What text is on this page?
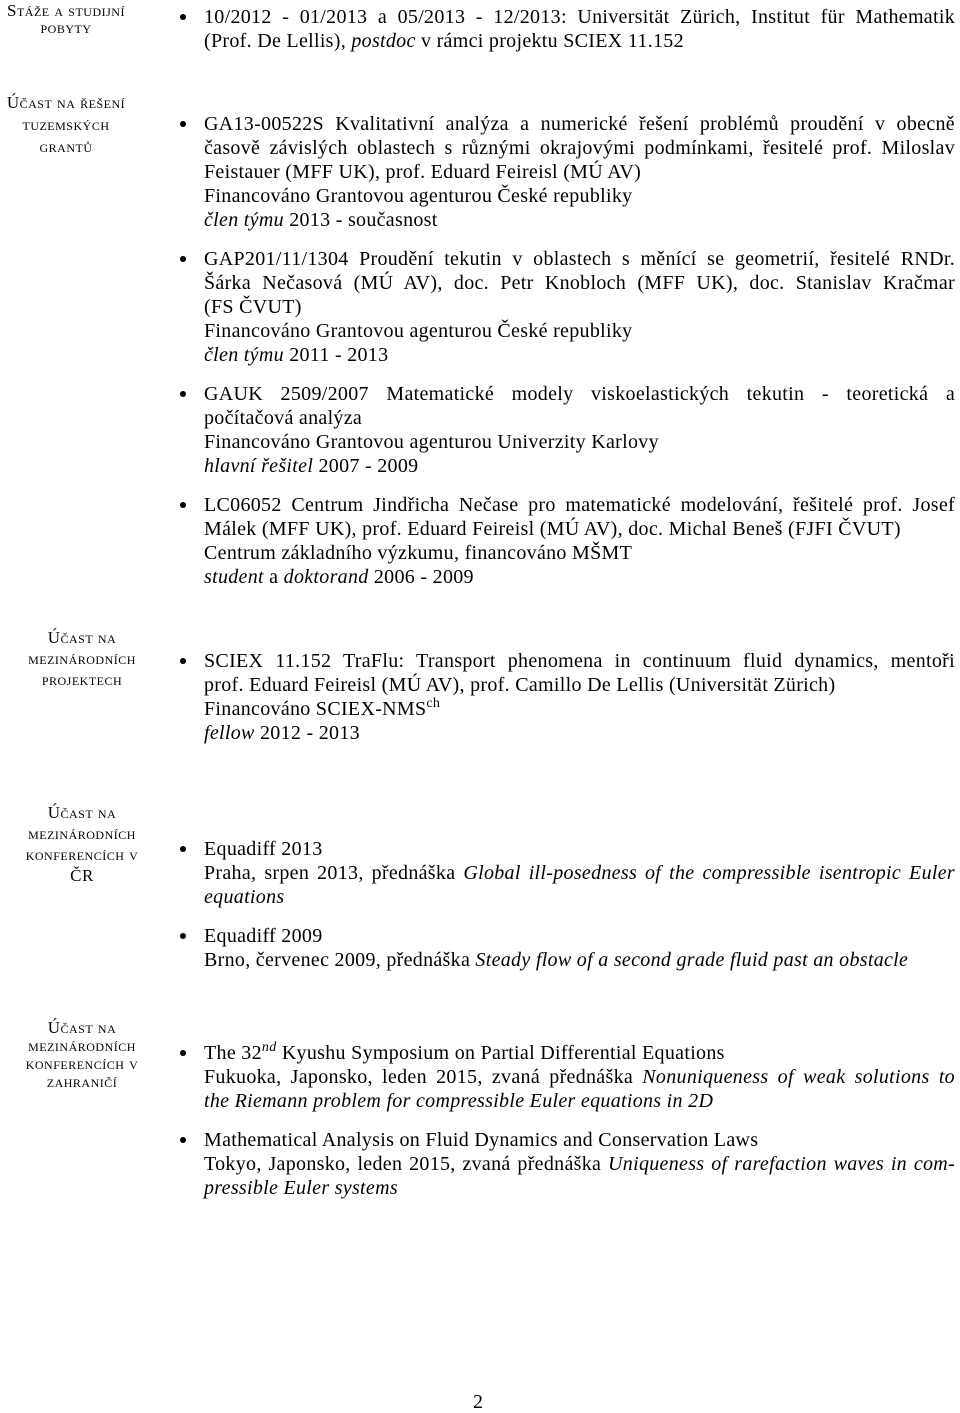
Stáže a studijní
pobyty	10/2012 - 01/2013 a 05/2013 - 12/2013: Universität Zürich, Institut für Mathematik
(Prof. De Lellis), postdoc v rámci projektu SCIEX 11.152
Účast na řešení
tuzemských
grantů
GA13-00522S Kvalitativní analýza a numerické řešení problémů proudění v obecně
časově závislých oblastech s různými okrajovými podmínkami, řesitelé prof. Miloslav
Feistauer (MFF UK), prof. Eduard Feireisl (MÚ AV)
Financováno Grantovou agenturou České republiky
člen týmu 2013 - současnost
GAP201/11/1304 Proudění tekutin v oblastech s měnící se geometrií, řesitelé RNDr.
Šárka Nečasová (MÚ AV), doc. Petr Knobloch (MFF UK), doc. Stanislav Kračmar
(FS ČVUT)
Financováno Grantovou agenturou České republiky
člen týmu 2011 - 2013
GAUK 2509/2007 Matematické modely viskoelastických tekutin - teoretická a
počítačová analýza
Financováno Grantovou agenturou Univerzity Karlovy
hlavní řešitel 2007 - 2009
LC06052 Centrum Jindřicha Nečase pro matematické modelování, řešitelé prof. Josef
Málek (MFF UK), prof. Eduard Feireisl (MÚ AV), doc. Michal Beneš (FJFI ČVUT)
Centrum základního výzkumu, financováno MŠMT
student a doktorand 2006 - 2009
Účast na
mezinárodních
projektech
SCIEX 11.152 TraFlu: Transport phenomena in continuum fluid dynamics, mentoři
prof. Eduard Feireisl (MÚ AV), prof. Camillo De Lellis (Universität Zürich)
Financováno SCIEX-$NMS^{ch}$
fellow 2012 - 2013
Účast na
mezinárodních
konferencích v
ČR
Equadiff 2013
Praha, srpen 2013, přednáška Global ill-posedness of the compressible isentropic Euler
equations
Equadiff 2009
Brno, červenec 2009, přednáška Steady flow of a second grade fluid past an obstacle
Účast na
mezinárodních
konferencích v
zahraničí
The 32nd Kyushu Symposium on Partial Differential Equations
Fukuoka, Japonsko, leden 2015, zvaná přednáška Nonuniqueness of weak solutions to
the Riemann problem for compressible Euler equations in 2D
Mathematical Analysis on Fluid Dynamics and Conservation Laws
Tokyo, Japonsko, leden 2015, zvaná přednáška Uniqueness of rarefaction waves in com-
pressible Euler systems
2
